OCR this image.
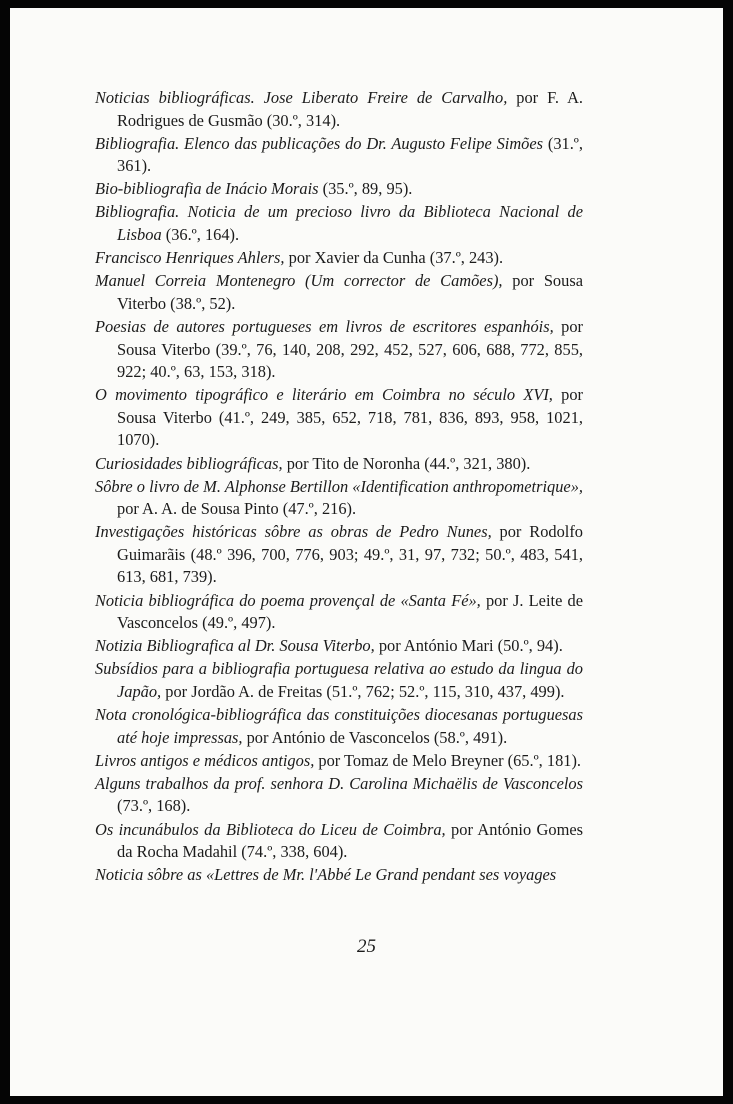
Noticias bibliográficas. Jose Liberato Freire de Carvalho, por F. A. Rodrigues de Gusmão (30.º, 314).

Bibliografia. Elenco das publicações do Dr. Augusto Felipe Simões (31.º, 361).

Bio-bibliografia de Inácio Morais (35.º, 89, 95).

Bibliografia. Noticia de um precioso livro da Biblioteca Nacional de Lisboa (36.º, 164).

Francisco Henriques Ahlers, por Xavier da Cunha (37.º, 243).

Manuel Correia Montenegro (Um corrector de Camões), por Sousa Viterbo (38.º, 52).

Poesias de autores portugueses em livros de escritores espanhóis, por Sousa Viterbo (39.º, 76, 140, 208, 292, 452, 527, 606, 688, 772, 855, 922; 40.º, 63, 153, 318).

O movimento tipográfico e literário em Coimbra no século XVI, por Sousa Viterbo (41.º, 249, 385, 652, 718, 781, 836, 893, 958, 1021, 1070).

Curiosidades bibliográficas, por Tito de Noronha (44.º, 321, 380).

Sôbre o livro de M. Alphonse Bertillon «Identification anthropometrique», por A. A. de Sousa Pinto (47.º, 216).

Investigações históricas sôbre as obras de Pedro Nunes, por Rodolfo Guimarãis (48.º 396, 700, 776, 903; 49.º, 31, 97, 732; 50.º, 483, 541, 613, 681, 739).

Noticia bibliográfica do poema provençal de «Santa Fé», por J. Leite de Vasconcelos (49.º, 497).

Notizia Bibliografica al Dr. Sousa Viterbo, por António Mari (50.º, 94).

Subsídios para a bibliografia portuguesa relativa ao estudo da lingua do Japão, por Jordão A. de Freitas (51.º, 762; 52.º, 115, 310, 437, 499).

Nota cronológica-bibliográfica das constituições diocesanas portuguesas até hoje impressas, por António de Vasconcelos (58.º, 491).

Livros antigos e médicos antigos, por Tomaz de Melo Breyner (65.º, 181).

Alguns trabalhos da prof. senhora D. Carolina Michaëlis de Vasconcelos (73.º, 168).

Os incunábulos da Biblioteca do Liceu de Coimbra, por António Gomes da Rocha Madahil (74.º, 338, 604).

Noticia sôbre as «Lettres de Mr. l'Abbé Le Grand pendant ses voyages

25
